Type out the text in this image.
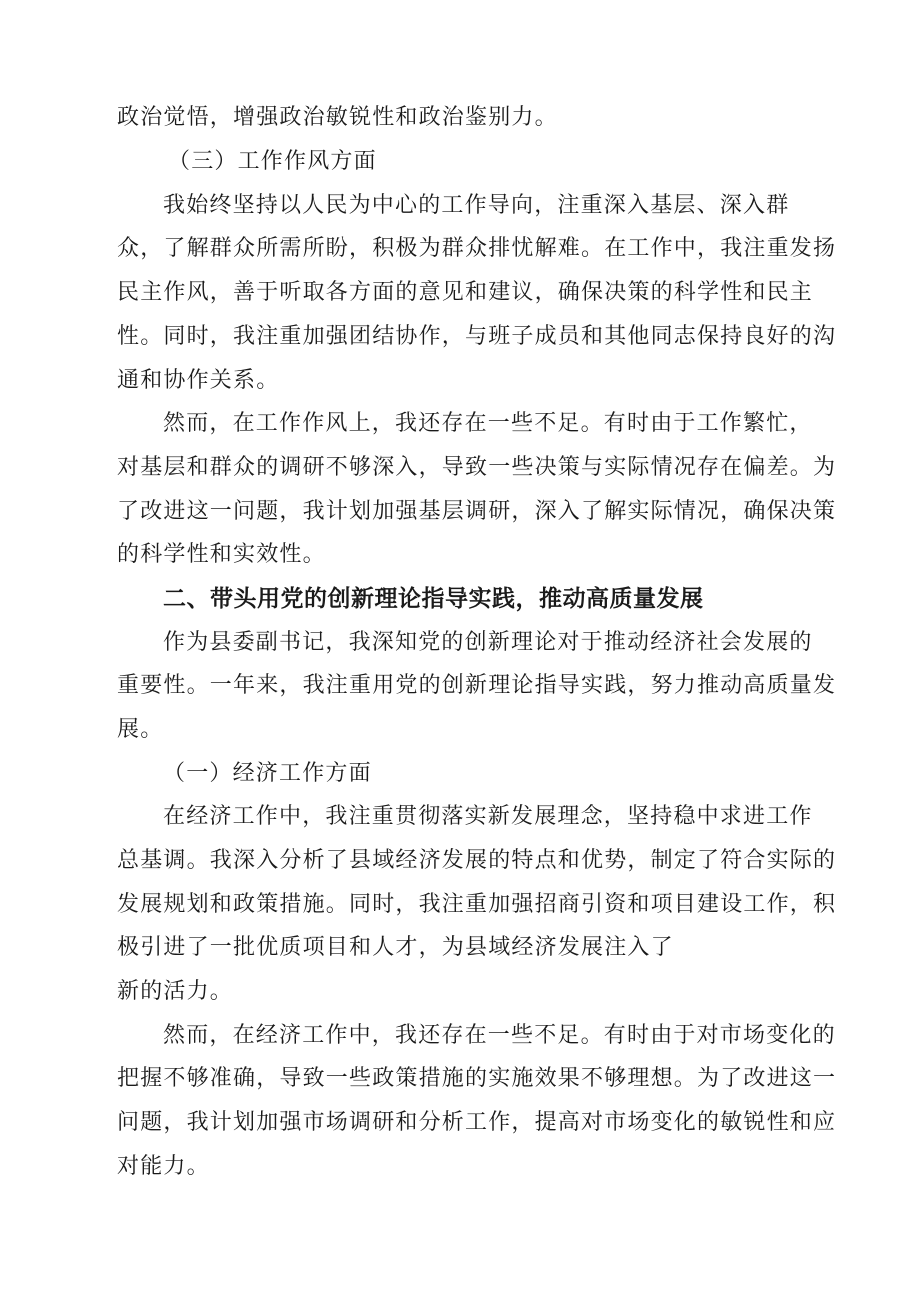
政治觉悟，增强政治敏锐性和政治鉴别力。
（三）工作作风方面
我始终坚持以人民为中心的工作导向，注重深入基层、深入群
众，了解群众所需所盼，积极为群众排忧解难。在工作中，我注重发扬
民主作风，善于听取各方面的意见和建议，确保决策的科学性和民主
性。同时，我注重加强团结协作，与班子成员和其他同志保持良好的沟
通和协作关系。
然而，在工作作风上，我还存在一些不足。有时由于工作繁忙，
对基层和群众的调研不够深入，导致一些决策与实际情况存在偏差。为
了改进这一问题，我计划加强基层调研，深入了解实际情况，确保决策
的科学性和实效性。
二、带头用党的创新理论指导实践，推动高质量发展
作为县委副书记，我深知党的创新理论对于推动经济社会发展的
重要性。一年来，我注重用党的创新理论指导实践，努力推动高质量发
展。
（一）经济工作方面
在经济工作中，我注重贯彻落实新发展理念，坚持稳中求进工作
总基调。我深入分析了县域经济发展的特点和优势，制定了符合实际的
发展规划和政策措施。同时，我注重加强招商引资和项目建设工作，积
极引进了一批优质项目和人才，为县域经济发展注入了
新的活力。
然而，在经济工作中，我还存在一些不足。有时由于对市场变化的
把握不够准确，导致一些政策措施的实施效果不够理想。为了改进这一
问题，我计划加强市场调研和分析工作，提高对市场变化的敏锐性和应
对能力。
